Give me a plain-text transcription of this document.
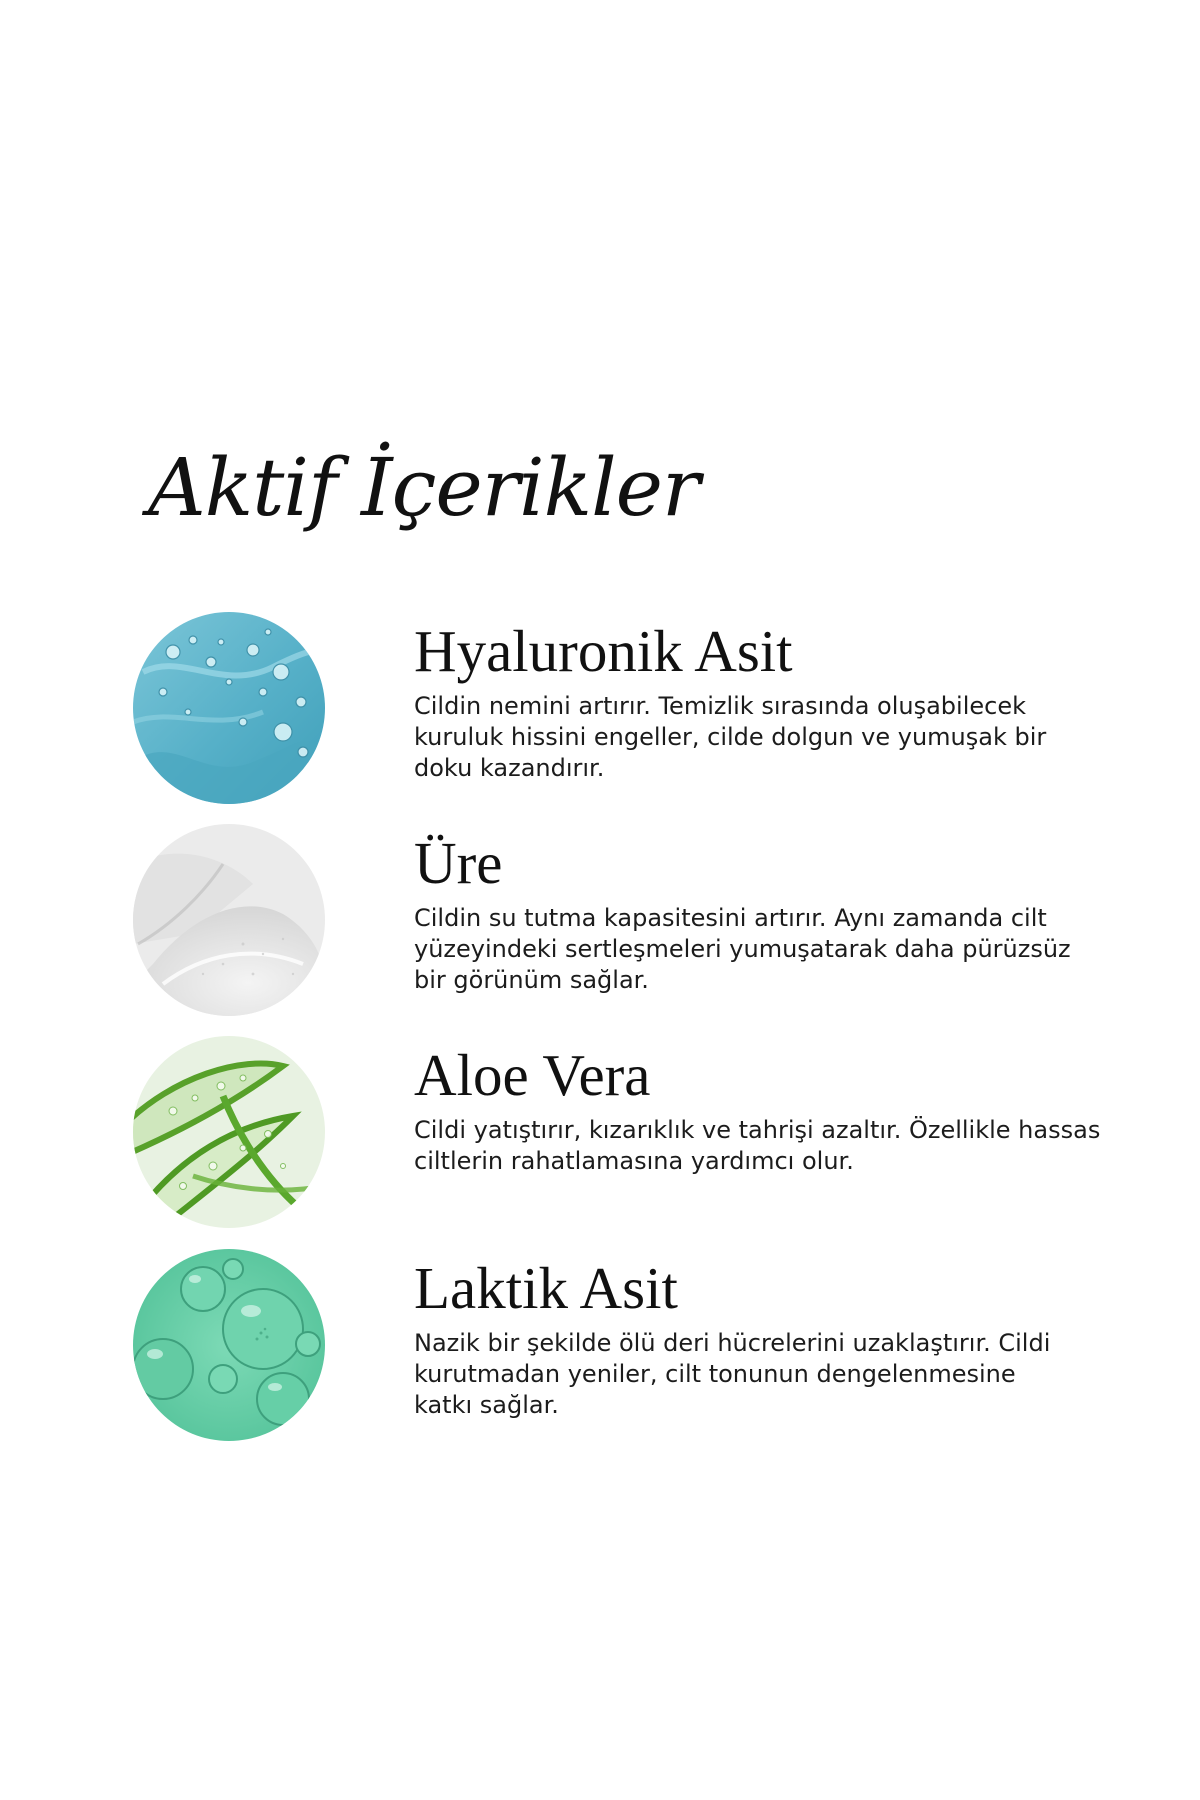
Aktif İçerikler
Hyaluronik Asit

Cildin nemini artırır. Temizlik sırasında oluşabilecek
kuruluk hissini engeller, cilde dolgun ve yumuşak bir
doku kazandırır.

Üre

Cildin su tutma kapasitesini artırır. Aynı zamanda cilt
yüzeyindeki sertleşmeleri yumuşatarak daha pürüzsüz
bir görünüm sağlar.

Aloe Vera

Cildi yatıştırır, kızarıklık ve tahrişi azaltır. Özellikle hassas
ciltlerin rahatlamasına yardımcı olur.

Laktik Asit

Nazik bir şekilde ölü deri hücrelerini uzaklaştırır. Cildi
kurutmadan yeniler, cilt tonunun dengelenmesine
katkı sağlar.
